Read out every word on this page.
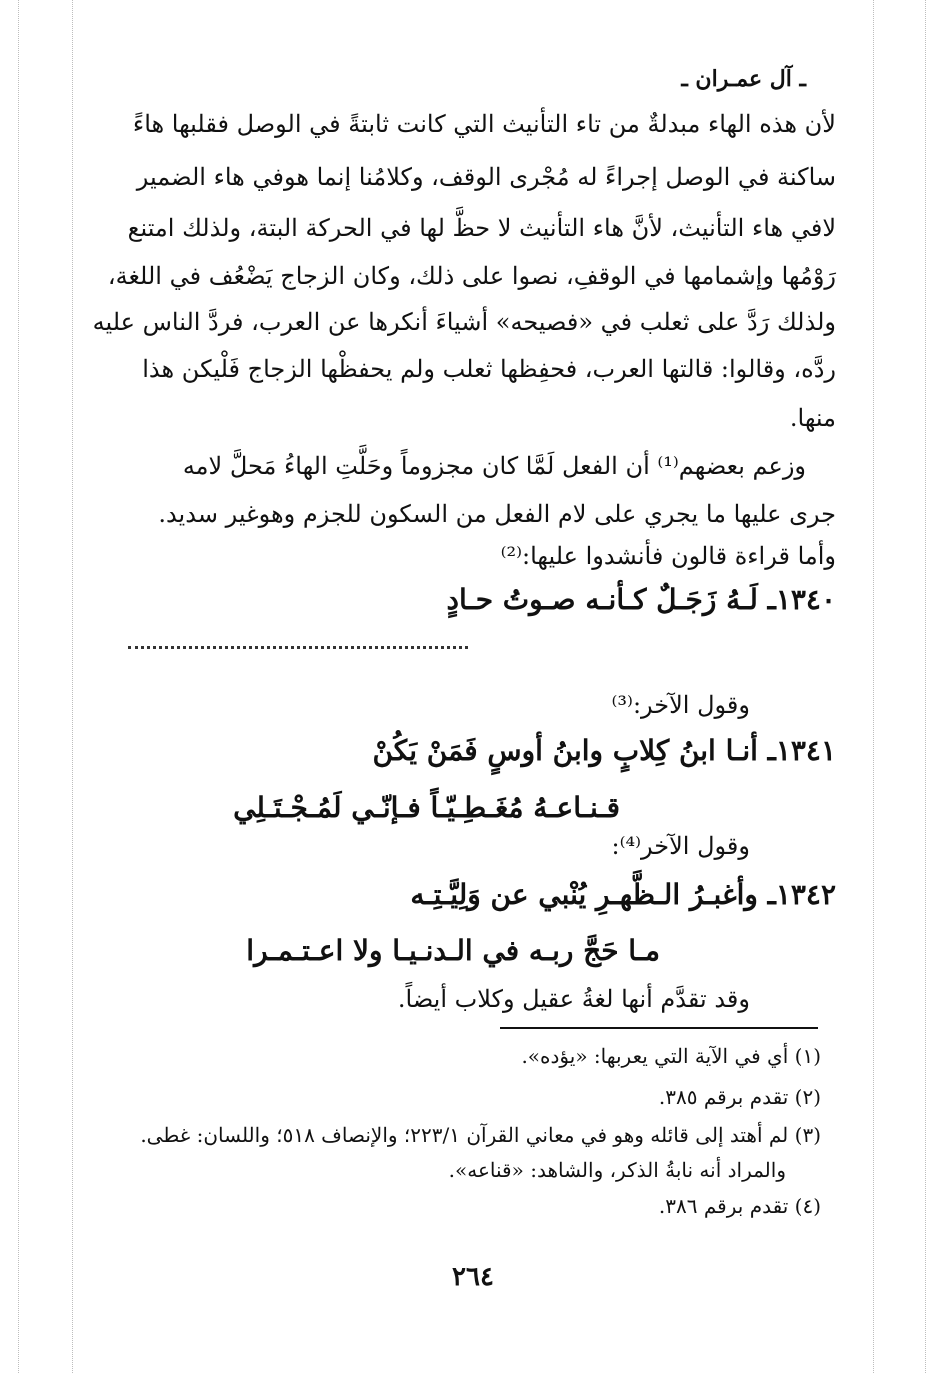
ـ آل عمـران ـ
لأن هذه الهاء مبدلةٌ من تاء التأنيث التي كانت ثابتةً في الوصل فقلبها هاءً
ساكنة في الوصل إجراءً له مُجْرى الوقف، وكلامُنا إنما هوفي هاء الضمير
لافي هاء التأنيث، لأنَّ هاء التأنيث لا حظَّ لها في الحركة البتة، ولذلك امتنع
رَوْمُها وإشمامها في الوقفِ، نصوا على ذلك، وكان الزجاج يَضْعُف في اللغة،
ولذلك رَدَّ على ثعلب في «فصيحه» أشياءَ أنكرها عن العرب، فردَّ الناس عليه
ردَّه، وقالوا: قالتها العرب، فحفِظها ثعلب ولم يحفظْها الزجاج فَلْيكن هذا
منها.
وزعم بعضهم⁽¹⁾ أن الفعل لَمَّا كان مجزوماً وحَلَّتِ الهاءُ مَحلَّ لامه
جرى عليها ما يجري على لام الفعل من السكون للجزم وهوغير سديد.
وأما قراءة قالون فأنشدوا عليها:⁽²⁾
١٣٤٠ـ لَـهُ زَجَـلٌ كـأنـه صـوتُ حـادٍ
وقول الآخر:⁽³⁾
١٣٤١ـ أنـا ابنُ كِلابٍ وابنُ أوسٍ فَمَنْ يَكُنْ
قـنـاعـهُ مُغَـطِـيّـاً فـإنّـي لَمُـجْـتَـلِي
وقول الآخر⁽⁴⁾:
١٣٤٢ـ وأغبـرُ الـظَّهـرِ يُنْبي عن وَلِيَّـتِـه
مـا حَجَّ ربـه في الـدنـيـا ولا اعـتـمـرا
وقد تقدَّم أنها لغةُ عقيل وكلاب أيضاً.
(١) أي في الآية التي يعربها: «يؤده».
(٢) تقدم برقم ٣٨٥.
(٣) لم أهتد إلى قائله وهو في معاني القرآن ٢٢٣/١؛ والإنصاف ٥١٨؛ واللسان: غطى.
والمراد أنه نابةُ الذكر، والشاهد: «قناعه».
(٤) تقدم برقم ٣٨٦.
٢٦٤
